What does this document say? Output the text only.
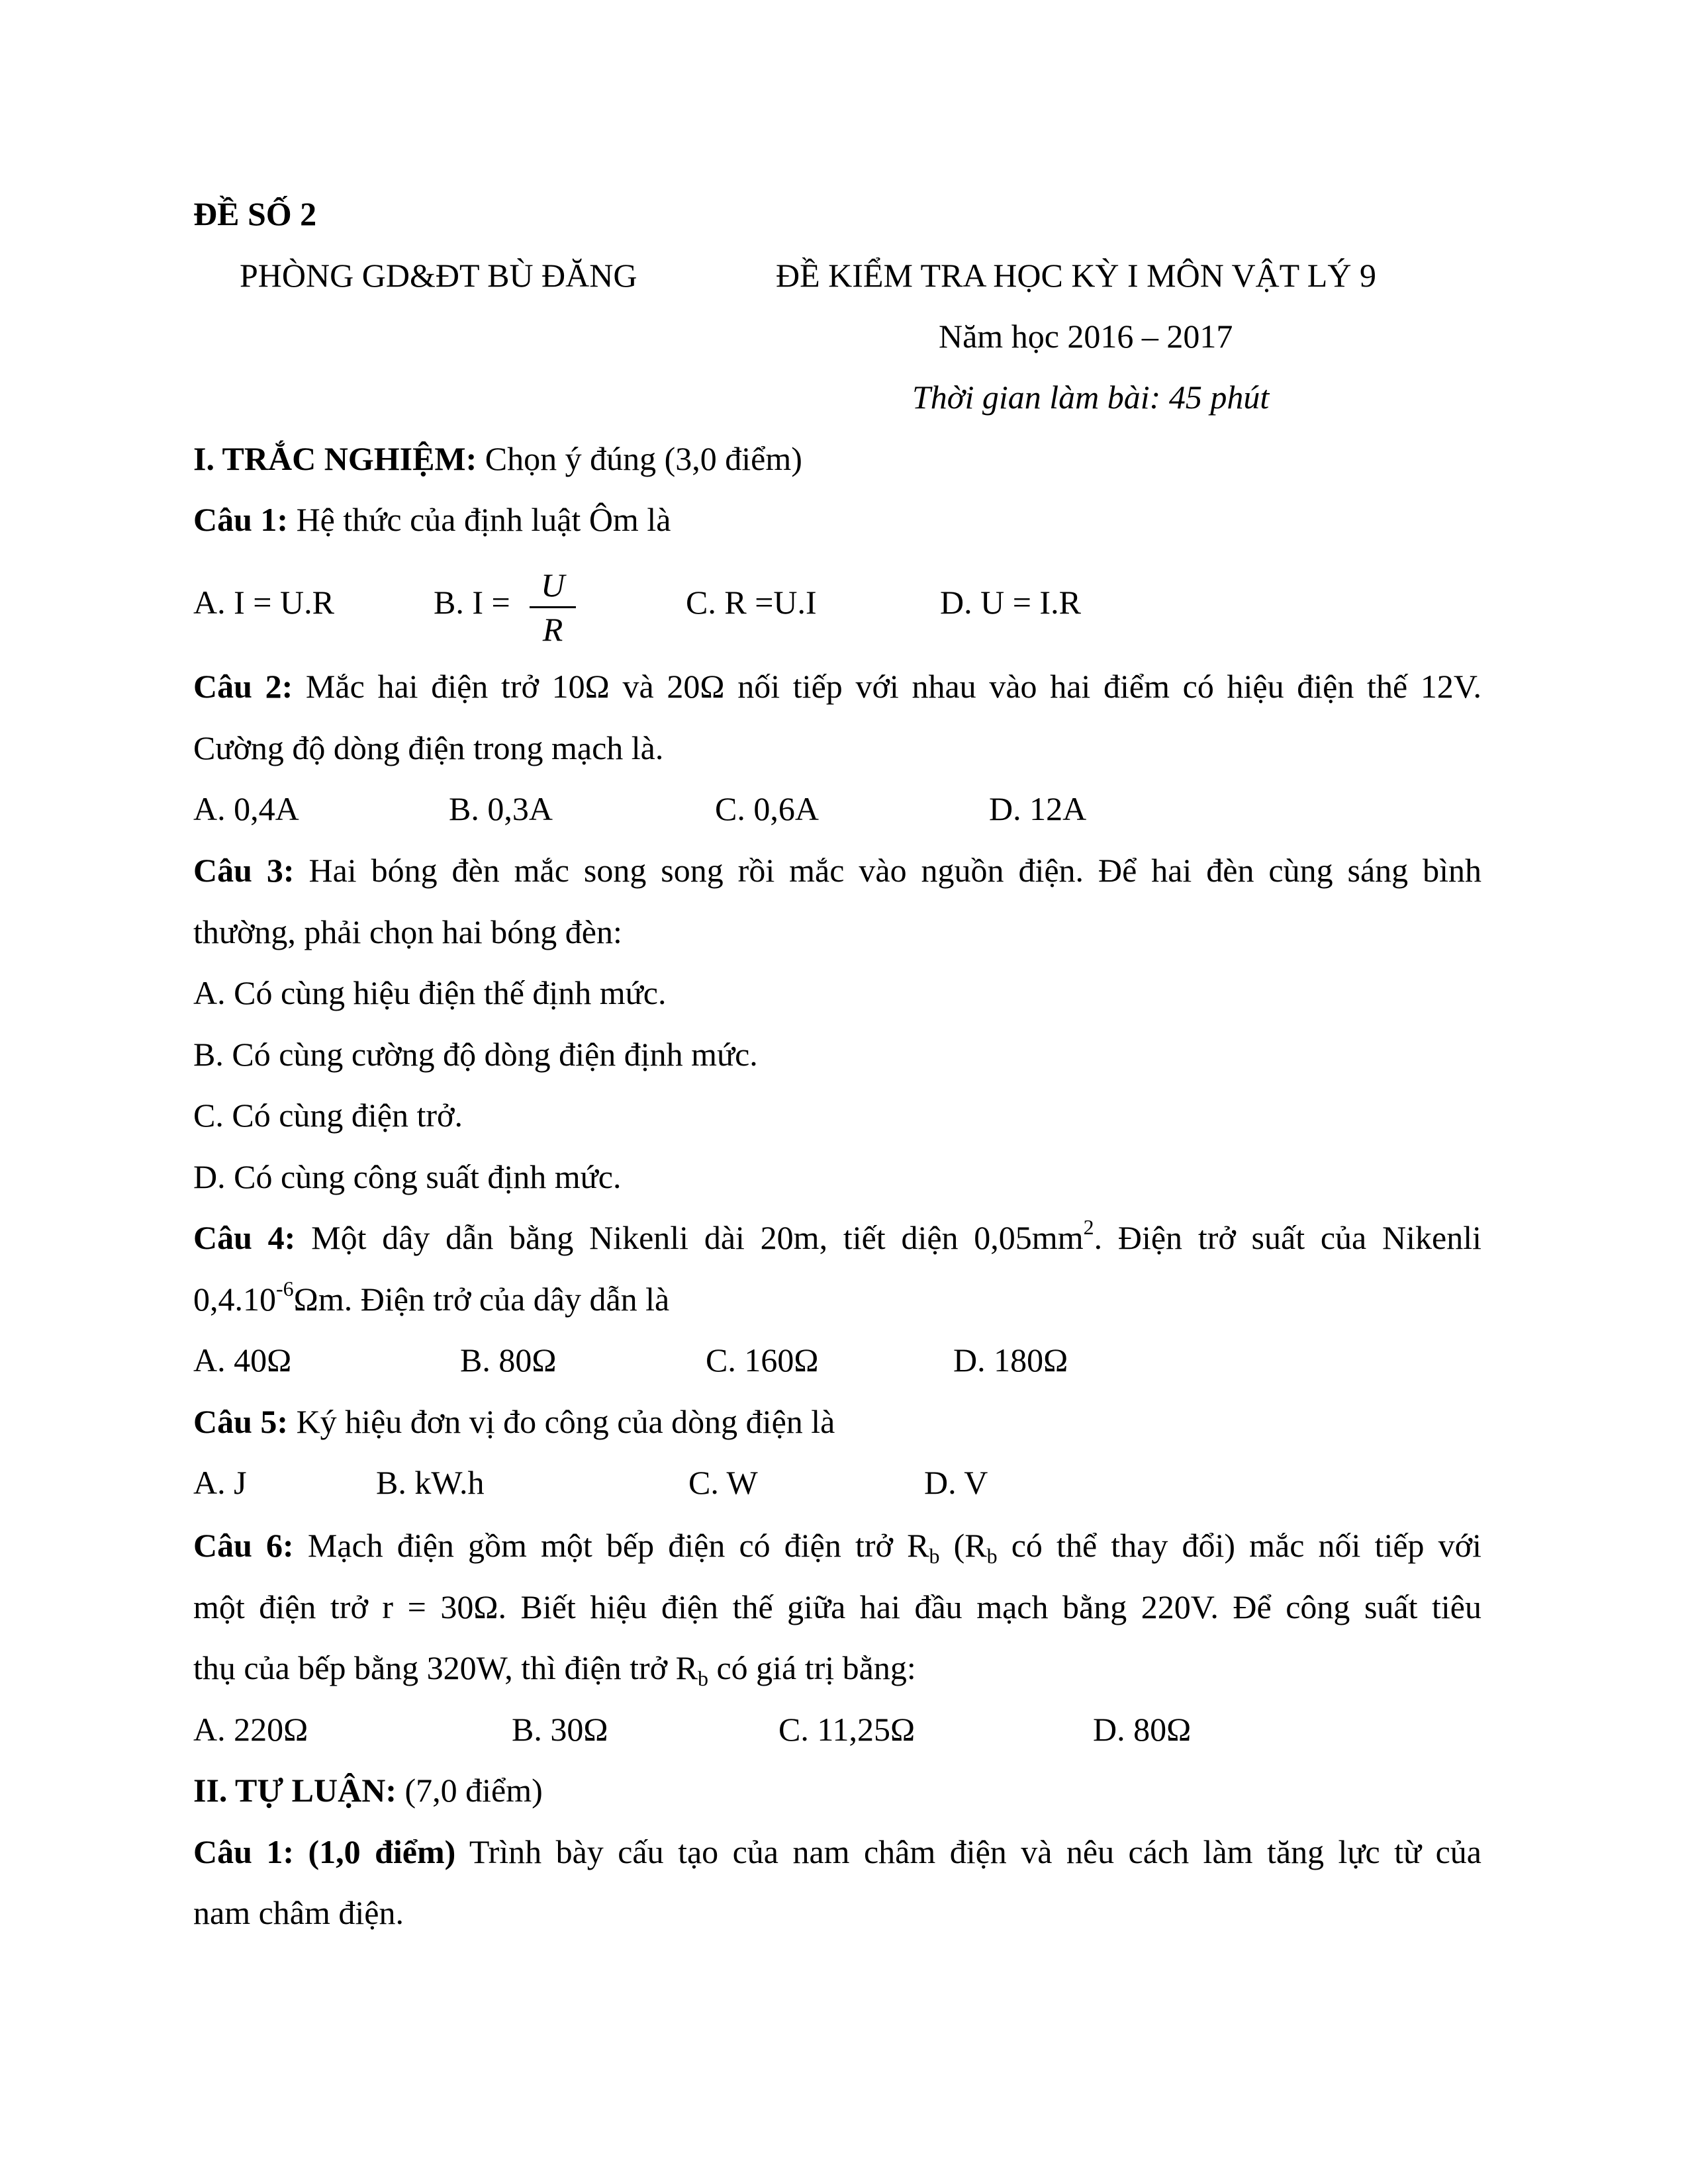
ĐỀ SỐ 2
PHÒNG GD&ĐT BÙ ĐĂNG	ĐỀ KIỂM TRA HỌC KỲ I MÔN VẬT LÝ 9
Năm học 2016 – 2017
Thời gian làm bài: 45 phút
I. TRẮC NGHIỆM: Chọn ý đúng (3,0 điểm)
Câu 1: Hệ thức của định luật Ôm là
A. I = U.R	B. I = U
R
C. R =U.I	D. U = I.R
Câu 2: Mắc hai điện trở 10Ω và 20Ω nối tiếp với nhau vào hai điểm có hiệu điện thế 12V.
Cường độ dòng điện trong mạch là.
A. 0,4A	B. 0,3A	C. 0,6A	D. 12A
Câu 3: Hai bóng đèn mắc song song rồi mắc vào nguồn điện. Để hai đèn cùng sáng bình
thường, phải chọn hai bóng đèn:
A. Có cùng hiệu điện thế định mức.
B. Có cùng cường độ dòng điện định mức.
C. Có cùng điện trở.
D. Có cùng công suất định mức.
Câu 4: Một dây dẫn bằng Nikenli dài 20m, tiết diện $0,05mm^2$. Điện trở suất của Nikenli
$0,4.10^{-6}\Omega m$. Điện trở của dây dẫn là
A. 40Ω	B. 80Ω	C. 160Ω	D. 180Ω
Câu 5: Ký hiệu đơn vị đo công của dòng điện là
A. J	B. kW.h	C. W	D. V
Câu 6: Mạch điện gồm một bếp điện có điện trở $R_b$ ($R_b$ có thể thay đổi) mắc nối tiếp với
một điện trở r = 30Ω. Biết hiệu điện thế giữa hai đầu mạch bằng 220V. Để công suất tiêu
thụ của bếp bằng 320W, thì điện trở $R_b$ có giá trị bằng:
A. 220Ω	B. 30Ω	C. 11,25Ω	D. 80Ω
II. TỰ LUẬN: (7,0 điểm)
Câu 1: (1,0 điểm) Trình bày cấu tạo của nam châm điện và nêu cách làm tăng lực từ của
nam châm điện.
